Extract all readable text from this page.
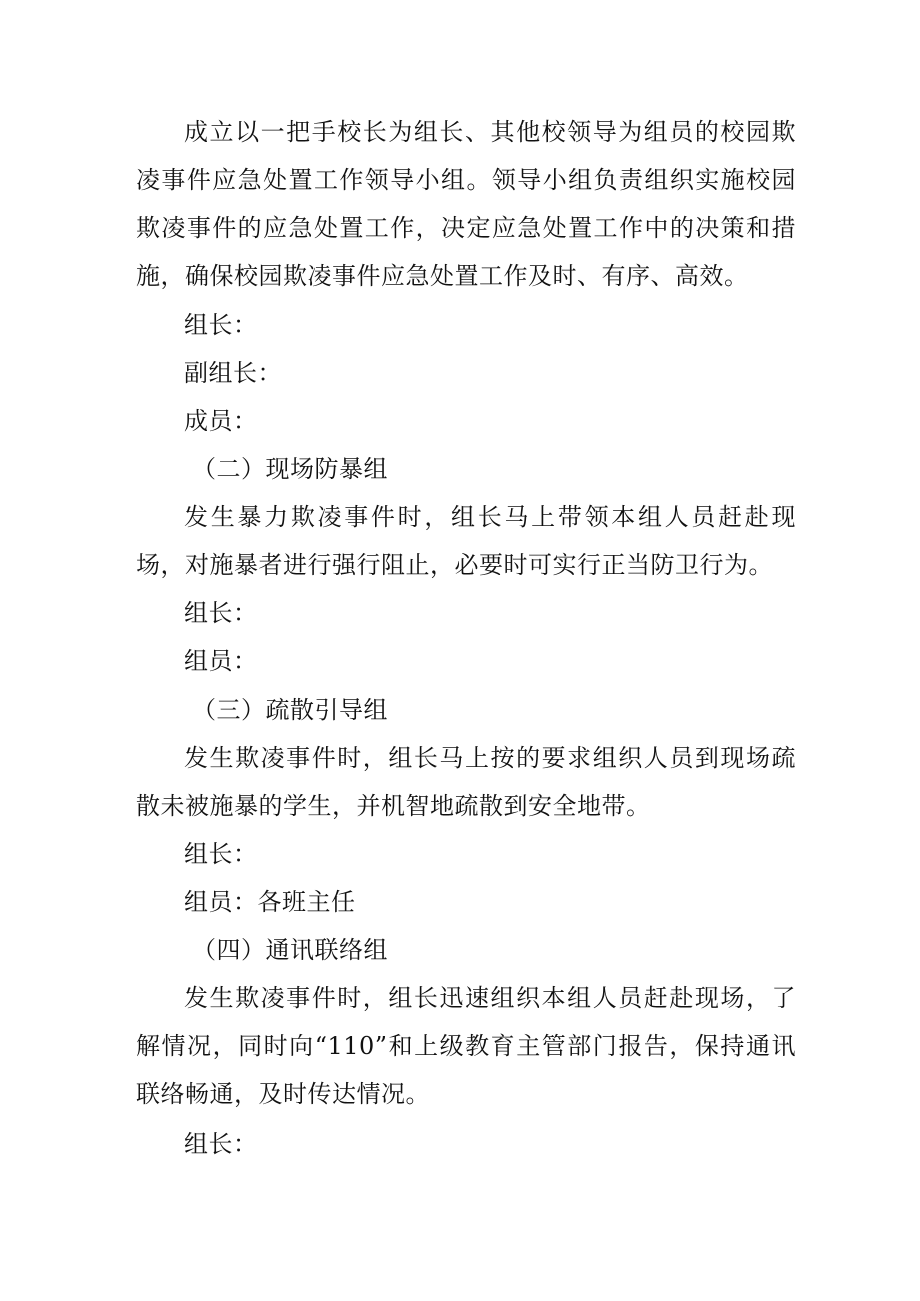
成立以一把手校长为组长、其他校领导为组员的校园欺凌事件应急处置工作领导小组。领导小组负责组织实施校园欺凌事件的应急处置工作，决定应急处置工作中的决策和措施，确保校园欺凌事件应急处置工作及时、有序、高效。

组长：

副组长：

成员：

（二）现场防暴组

发生暴力欺凌事件时，组长马上带领本组人员赶赴现场，对施暴者进行强行阻止，必要时可实行正当防卫行为。

组长：

组员：

（三）疏散引导组

发生欺凌事件时，组长马上按的要求组织人员到现场疏散未被施暴的学生，并机智地疏散到安全地带。

组长：

组员：各班主任

（四）通讯联络组

发生欺凌事件时，组长迅速组织本组人员赶赴现场，了解情况，同时向“110”和上级教育主管部门报告，保持通讯联络畅通，及时传达情况。

组长：
